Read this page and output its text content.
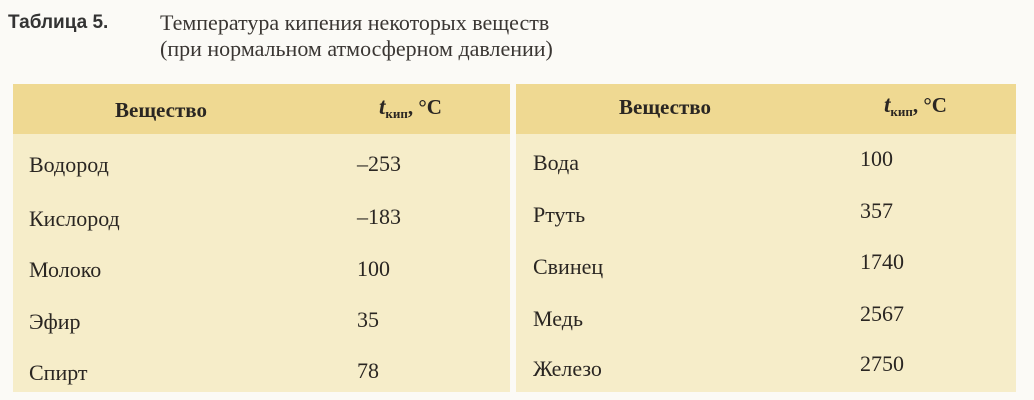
Таблица 5. Температура кипения некоторых веществ
(при нормальном атмосферном давлении)
Вещество	$t_{кип}$, °C
Водород	–253
Кислород	–183
Молоко	100
Эфир	35
Спирт	78
Вещество	$t_{кип}$, °C
Вода	100
Ртуть	357
Свинец	1740
Медь	2567
Железо	2750
